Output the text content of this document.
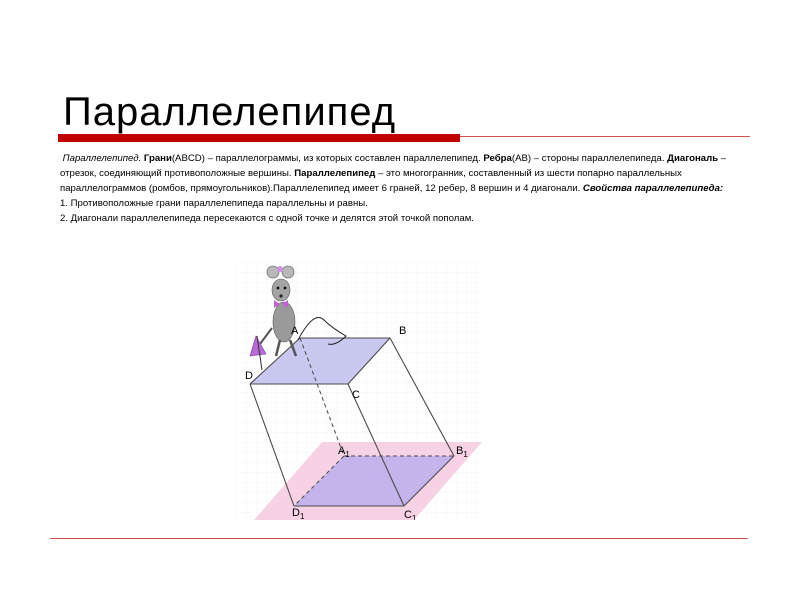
Параллелепипед

Параллелепипед. Грани(ABCD) – параллелограммы, из которых составлен параллелепипед. Ребра(AB) – стороны параллелепипеда. Диагональ – отрезок, соединяющий противоположные вершины. Параллелепипед – это многогранник, составленный из шести попарно параллельных параллелограммов (ромбов, прямоугольников).Параллелепипед имеет 6 граней, 12 ребер, 8 вершин и 4 диагонали. Свойства параллелепипеда:

1. Противоположные грани параллелепипеда параллельны и равны.

2. Диагонали параллелепипеда пересекаются с одной точке и делятся этой точкой пополам.

A	B
C
D
$A_1$	$B_1$
$C_1$
$D_1$
